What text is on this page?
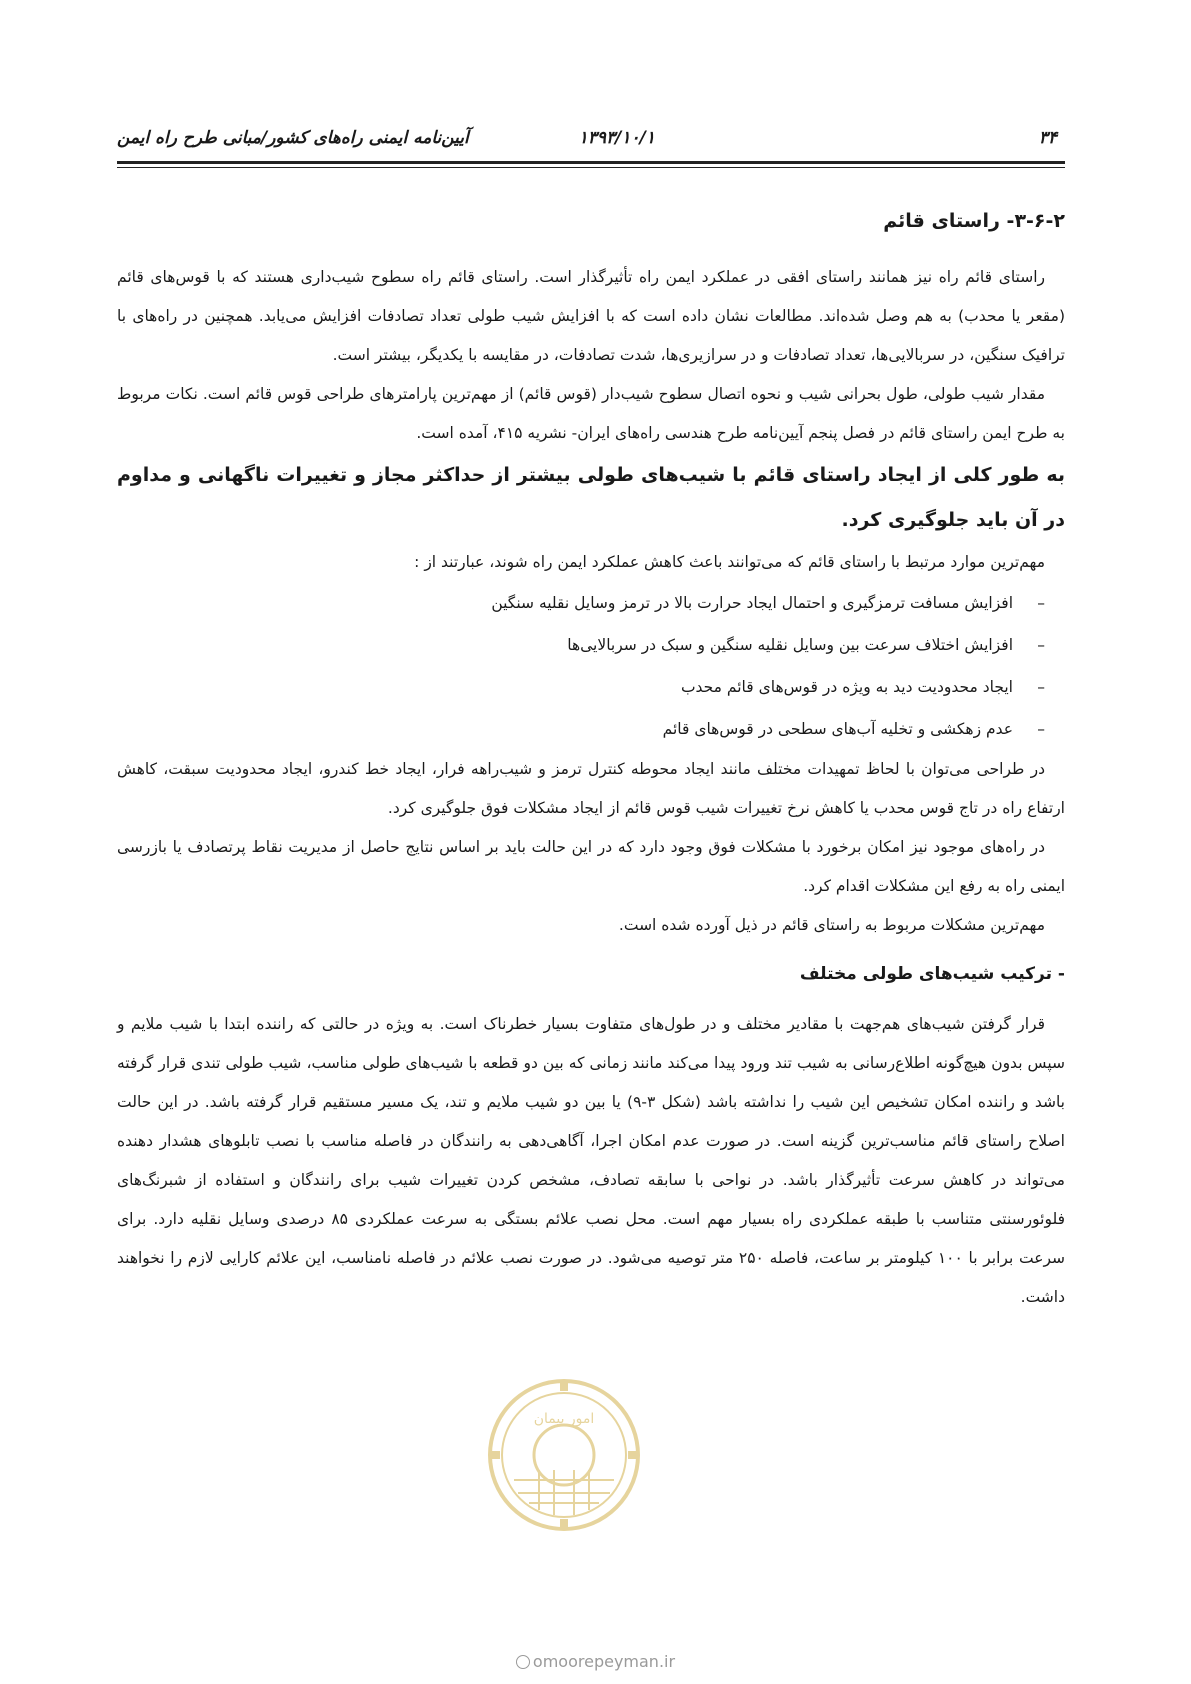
۳۴
۱۳۹۳/۱۰/۱
آیین‌نامه ایمنی راه‌های کشور/مبانی طرح راه ایمن

۳-۶-۲- راستای قائم

راستای قائم راه نیز همانند راستای افقی در عملکرد ایمن راه تأثیرگذار است. راستای قائم راه سطوح شیب‌داری هستند که با قوس‌های قائم (مقعر یا محدب) به هم وصل شده‌اند. مطالعات نشان داده است که با افزایش شیب طولی تعداد تصادفات افزایش می‌یابد. همچنین در راه‌های با ترافیک سنگین، در سربالایی‌ها، تعداد تصادفات و در سرازیری‌ها، شدت تصادفات، در مقایسه با یکدیگر، بیشتر است.

مقدار شیب طولی، طول بحرانی شیب و نحوه اتصال سطوح شیب‌دار (قوس قائم) از مهم‌ترین پارامترهای طراحی قوس قائم است. نکات مربوط به طرح ایمن راستای قائم در فصل پنجم آیین‌نامه طرح هندسی راه‌های ایران- نشریه ۴۱۵، آمده است.

به طور کلی از ایجاد راستای قائم با شیب‌های طولی بیشتر از حداکثر مجاز و تغییرات ناگهانی و مداوم در آن باید جلوگیری کرد.

مهم‌ترین موارد مرتبط با راستای قائم که می‌توانند باعث کاهش عملکرد ایمن راه شوند، عبارتند از :

–افزایش مسافت ترمزگیری و احتمال ایجاد حرارت بالا در ترمز وسایل نقلیه سنگین
–افزایش اختلاف سرعت بین وسایل نقلیه سنگین و سبک در سربالایی‌ها
–ایجاد محدودیت دید به ویژه در قوس‌های قائم محدب
–عدم زهکشی و تخلیه آب‌های سطحی در قوس‌های قائم

در طراحی می‌توان با لحاظ تمهیدات مختلف مانند ایجاد محوطه کنترل ترمز و شیب‌راهه فرار، ایجاد خط کندرو، ایجاد محدودیت سبقت، کاهش ارتفاع راه در تاج قوس محدب یا کاهش نرخ تغییرات شیب قوس قائم از ایجاد مشکلات فوق جلوگیری کرد.

در راه‌های موجود نیز امکان برخورد با مشکلات فوق وجود دارد که در این حالت باید بر اساس نتایج حاصل از مدیریت نقاط پرتصادف یا بازرسی ایمنی راه به رفع این مشکلات اقدام کرد.

مهم‌ترین مشکلات مربوط به راستای قائم در ذیل آورده شده است.

- ترکیب شیب‌های طولی مختلف

قرار گرفتن شیب‌های هم‌جهت با مقادیر مختلف و در طول‌های متفاوت بسیار خطرناک است. به ویژه در حالتی که راننده ابتدا با شیب ملایم و سپس بدون هیچ‌گونه اطلاع‌رسانی به شیب تند ورود پیدا می‌کند مانند زمانی که بین دو قطعه با شیب‌های طولی مناسب، شیب طولی تندی قرار گرفته باشد و راننده امکان تشخیص این شیب را نداشته باشد (شکل ۳-۹) یا بین دو شیب ملایم و تند، یک مسیر مستقیم قرار گرفته باشد. در این حالت اصلاح راستای قائم مناسب‌ترین گزینه است. در صورت عدم امکان اجرا، آگاهی‌دهی به رانندگان در فاصله مناسب با نصب تابلوهای هشدار دهنده می‌تواند در کاهش سرعت تأثیرگذار باشد. در نواحی با سابقه تصادف، مشخص کردن تغییرات شیب برای رانندگان و استفاده از شبرنگ‌های فلوئورسنتی متناسب با طبقه عملکردی راه بسیار مهم است. محل نصب علائم بستگی به سرعت عملکردی ۸۵ درصدی وسایل نقلیه دارد. برای سرعت برابر با ۱۰۰ کیلومتر بر ساعت، فاصله ۲۵۰ متر توصیه می‌شود. در صورت نصب علائم در فاصله نامناسب، این علائم کارایی لازم را نخواهند داشت.

امور پیمان
omoorepeyman.ir
